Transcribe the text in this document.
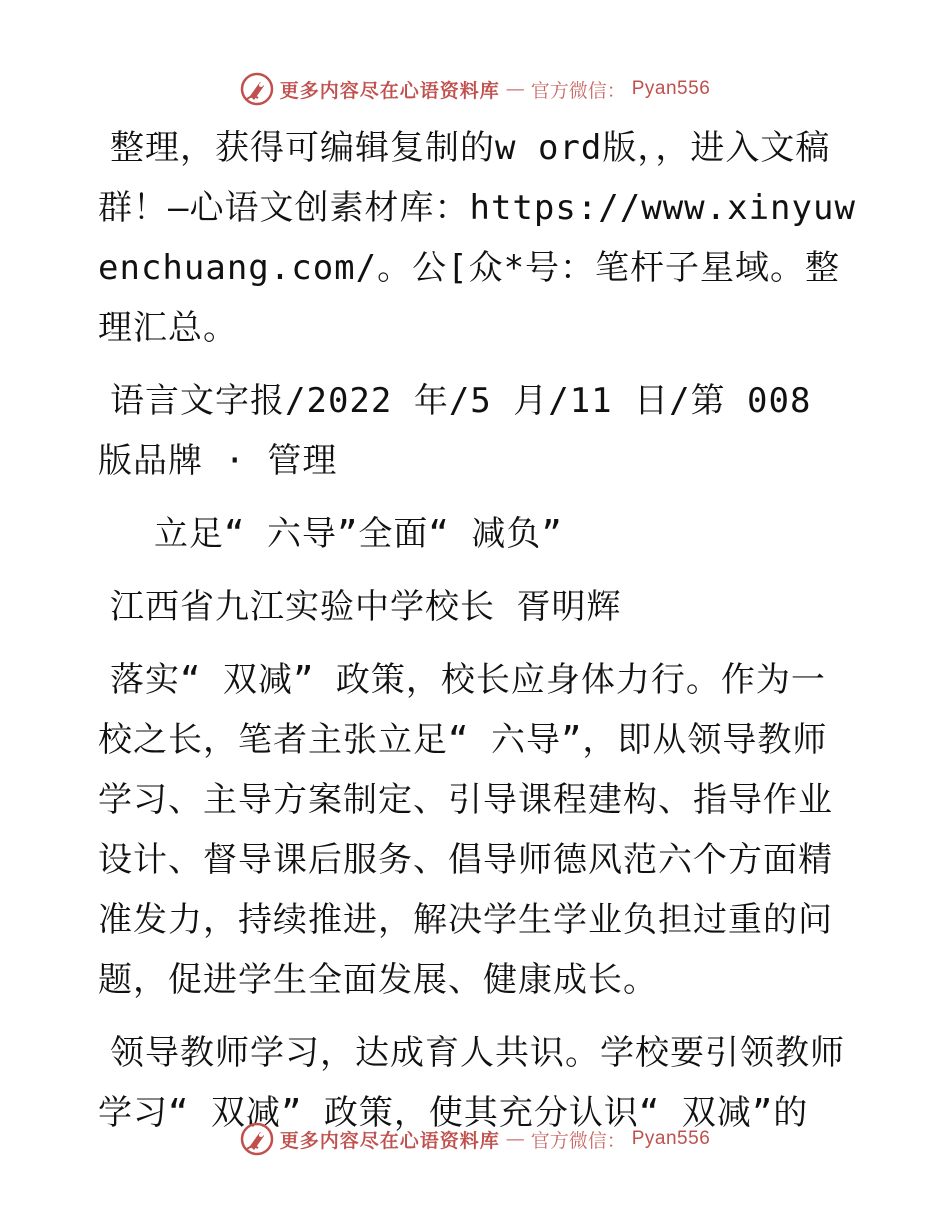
更多内容尽在心语资料库 — 官方微信： Pyan556

整理，获得可编辑复制的w ord版，，进入文稿群！—心语文创素材库：https://www.xinyuwenchuang.com/。公[众*号：笔杆子星域。整理汇总。

语言文字报/2022 年/5 月/11 日/第 008 版品牌 · 管理

立足“ 六导”全面“ 减负”

江西省九江实验中学校长 胥明辉

落实“ 双减” 政策，校长应身体力行。作为一校之长，笔者主张立足“ 六导”，即从领导教师学习、主导方案制定、引导课程建构、指导作业设计、督导课后服务、倡导师德风范六个方面精准发力，持续推进，解决学生学业负担过重的问题，促进学生全面发展、健康成长。

领导教师学习，达成育人共识。学校要引领教师学习“ 双减” 政策，使其充分认识“ 双减”的

更多内容尽在心语资料库 — 官方微信： Pyan556
